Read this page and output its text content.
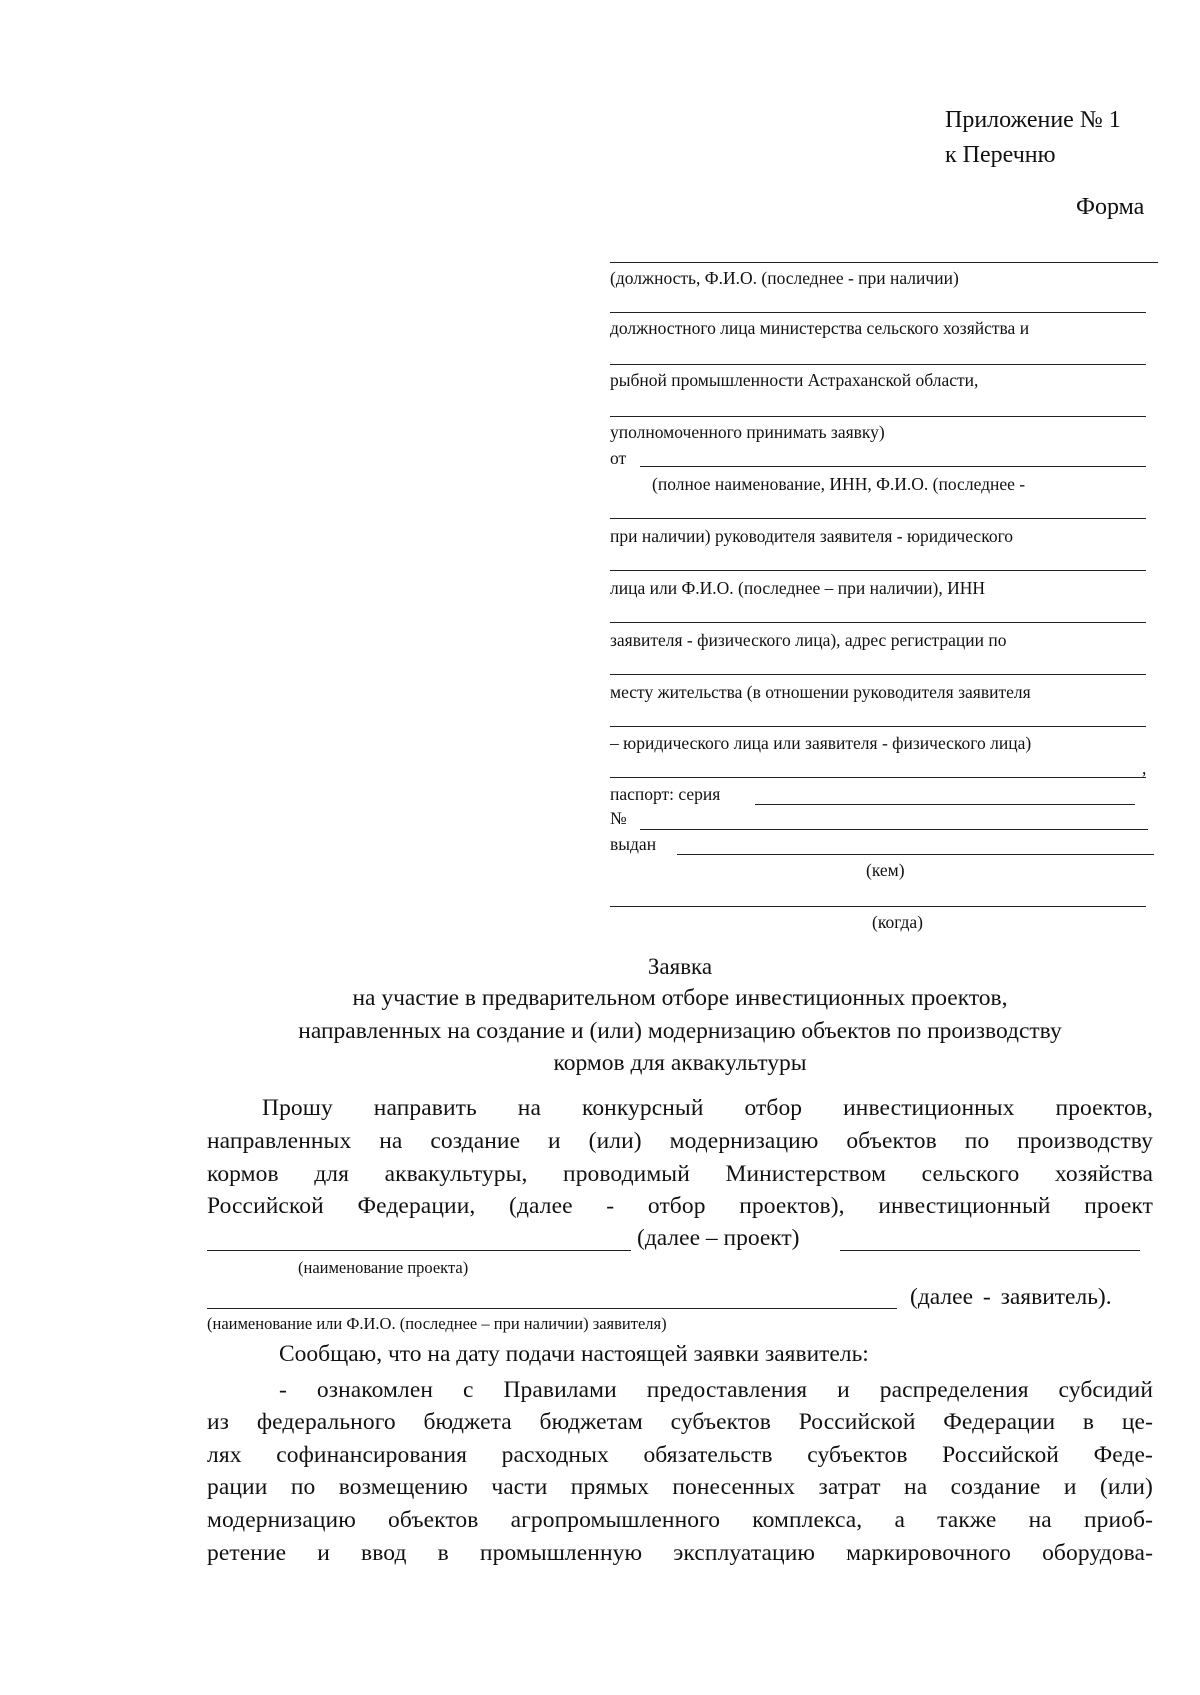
Приложение № 1
к Перечню
Форма
(должность, Ф.И.О. (последнее - при наличии)
должностного лица министерства сельского хозяйства и
рыбной промышленности Астраханской области,
уполномоченного принимать заявку)
от
(полное наименование, ИНН, Ф.И.О. (последнее -
при наличии) руководителя заявителя - юридического
лица или Ф.И.О. (последнее – при наличии), ИНН
заявителя - физического лица), адрес регистрации по
месту жительства (в отношении руководителя заявителя
– юридического лица или заявителя - физического лица)
,
паспорт: серия
№
выдан
(кем)
(когда)
Заявка
на участие в предварительном отборе инвестиционных проектов,
направленных на создание и (или) модернизацию объектов по производству
кормов для аквакультуры
Прошу направить на конкурсный отбор инвестиционных проектов,
направленных на создание и (или) модернизацию объектов по производству
кормов для аквакультуры, проводимый Министерством сельского хозяйства
Российской Федерации, (далее - отбор проектов), инвестиционный проект
(далее – проект)
(наименование проекта)
(далее - заявитель).
(наименование или Ф.И.О. (последнее – при наличии) заявителя)
Сообщаю, что на дату подачи настоящей заявки заявитель:
- ознакомлен с Правилами предоставления и распределения субсидий
из федерального бюджета бюджетам субъектов Российской Федерации в це-
лях софинансирования расходных обязательств субъектов Российской Феде-
рации по возмещению части прямых понесенных затрат на создание и (или)
модернизацию объектов агропромышленного комплекса, а также на приоб-
ретение и ввод в промышленную эксплуатацию маркировочного оборудова-
